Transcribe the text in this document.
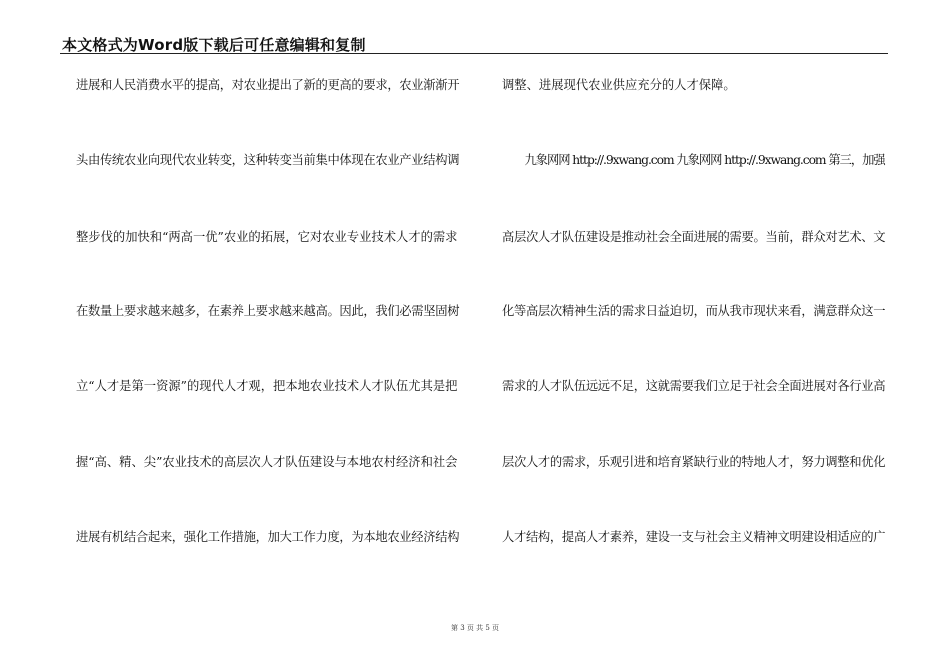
本文格式为Word版下载后可任意编辑和复制
进展和人民消费水平的提高，对农业提出了新的更高的要求，农业渐渐开
头由传统农业向现代农业转变，这种转变当前集中体现在农业产业结构调
整步伐的加快和“两高一优”农业的拓展，它对农业专业技术人才的需求
在数量上要求越来越多，在素养上要求越来越高。因此，我们必需坚固树
立“人才是第一资源”的现代人才观，把本地农业技术人才队伍尤其是把
握“高、精、尖”农业技术的高层次人才队伍建设与本地农村经济和社会
进展有机结合起来，强化工作措施，加大工作力度，为本地农业经济结构
调整、进展现代农业供应充分的人才保障。
　　九象网网 http://.9xwang.com 九象网网 http://.9xwang.com 第三，加强
高层次人才队伍建设是推动社会全面进展的需要。当前，群众对艺术、文
化等高层次精神生活的需求日益迫切，而从我市现状来看，满意群众这一
需求的人才队伍远远不足，这就需要我们立足于社会全面进展对各行业高
层次人才的需求，乐观引进和培育紧缺行业的特地人才，努力调整和优化
人才结构，提高人才素养，建设一支与社会主义精神文明建设相适应的广
第 3 页 共 5 页
